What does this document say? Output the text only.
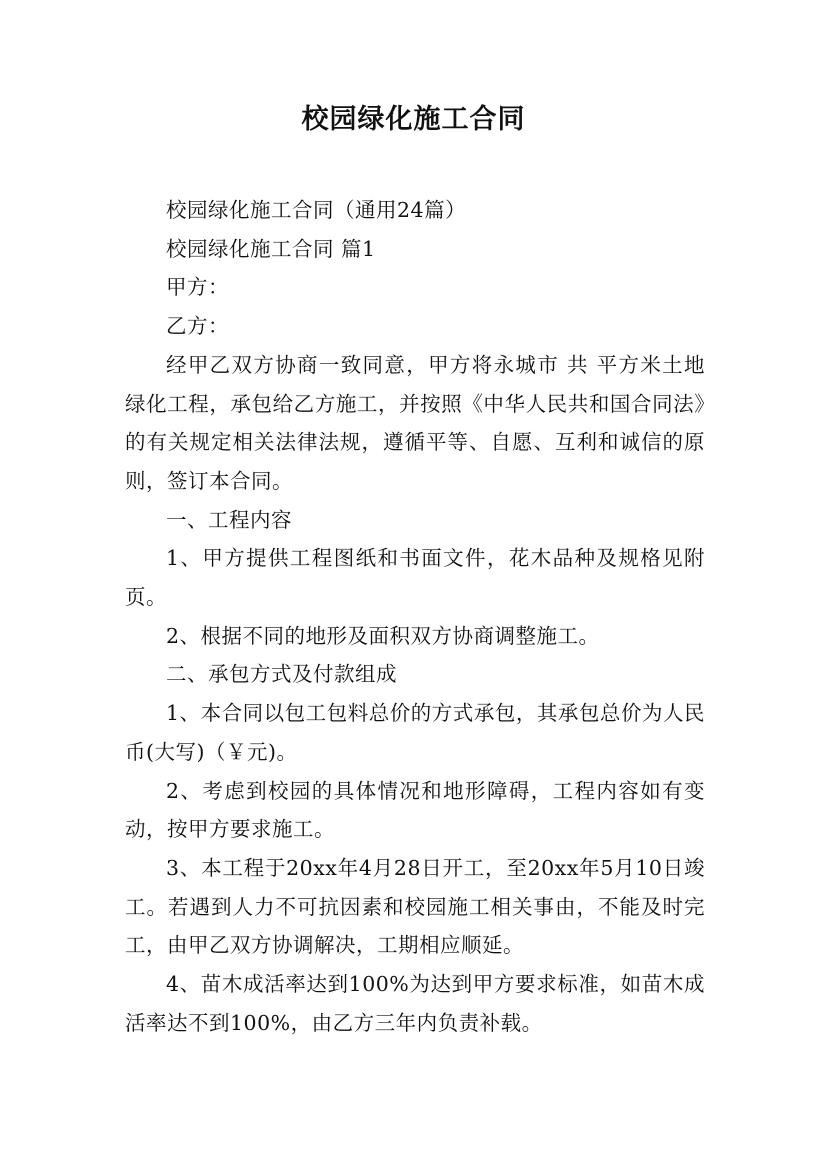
校园绿化施工合同

校园绿化施工合同（通用24篇）

校园绿化施工合同 篇1

甲方：

乙方：

经甲乙双方协商一致同意，甲方将永城市 共 平方米土地绿化工程，承包给乙方施工，并按照《中华人民共和国合同法》的有关规定相关法律法规，遵循平等、自愿、互利和诚信的原则，签订本合同。

一、工程内容

1、甲方提供工程图纸和书面文件，花木品种及规格见附页。

2、根据不同的地形及面积双方协商调整施工。

二、承包方式及付款组成

1、本合同以包工包料总价的方式承包，其承包总价为人民币(大写)（￥元)。

2、考虑到校园的具体情况和地形障碍，工程内容如有变动，按甲方要求施工。

3、本工程于20xx年4月28日开工，至20xx年5月10日竣工。若遇到人力不可抗因素和校园施工相关事由，不能及时完工，由甲乙双方协调解决，工期相应顺延。

4、苗木成活率达到100%为达到甲方要求标准，如苗木成活率达不到100%，由乙方三年内负责补载。
